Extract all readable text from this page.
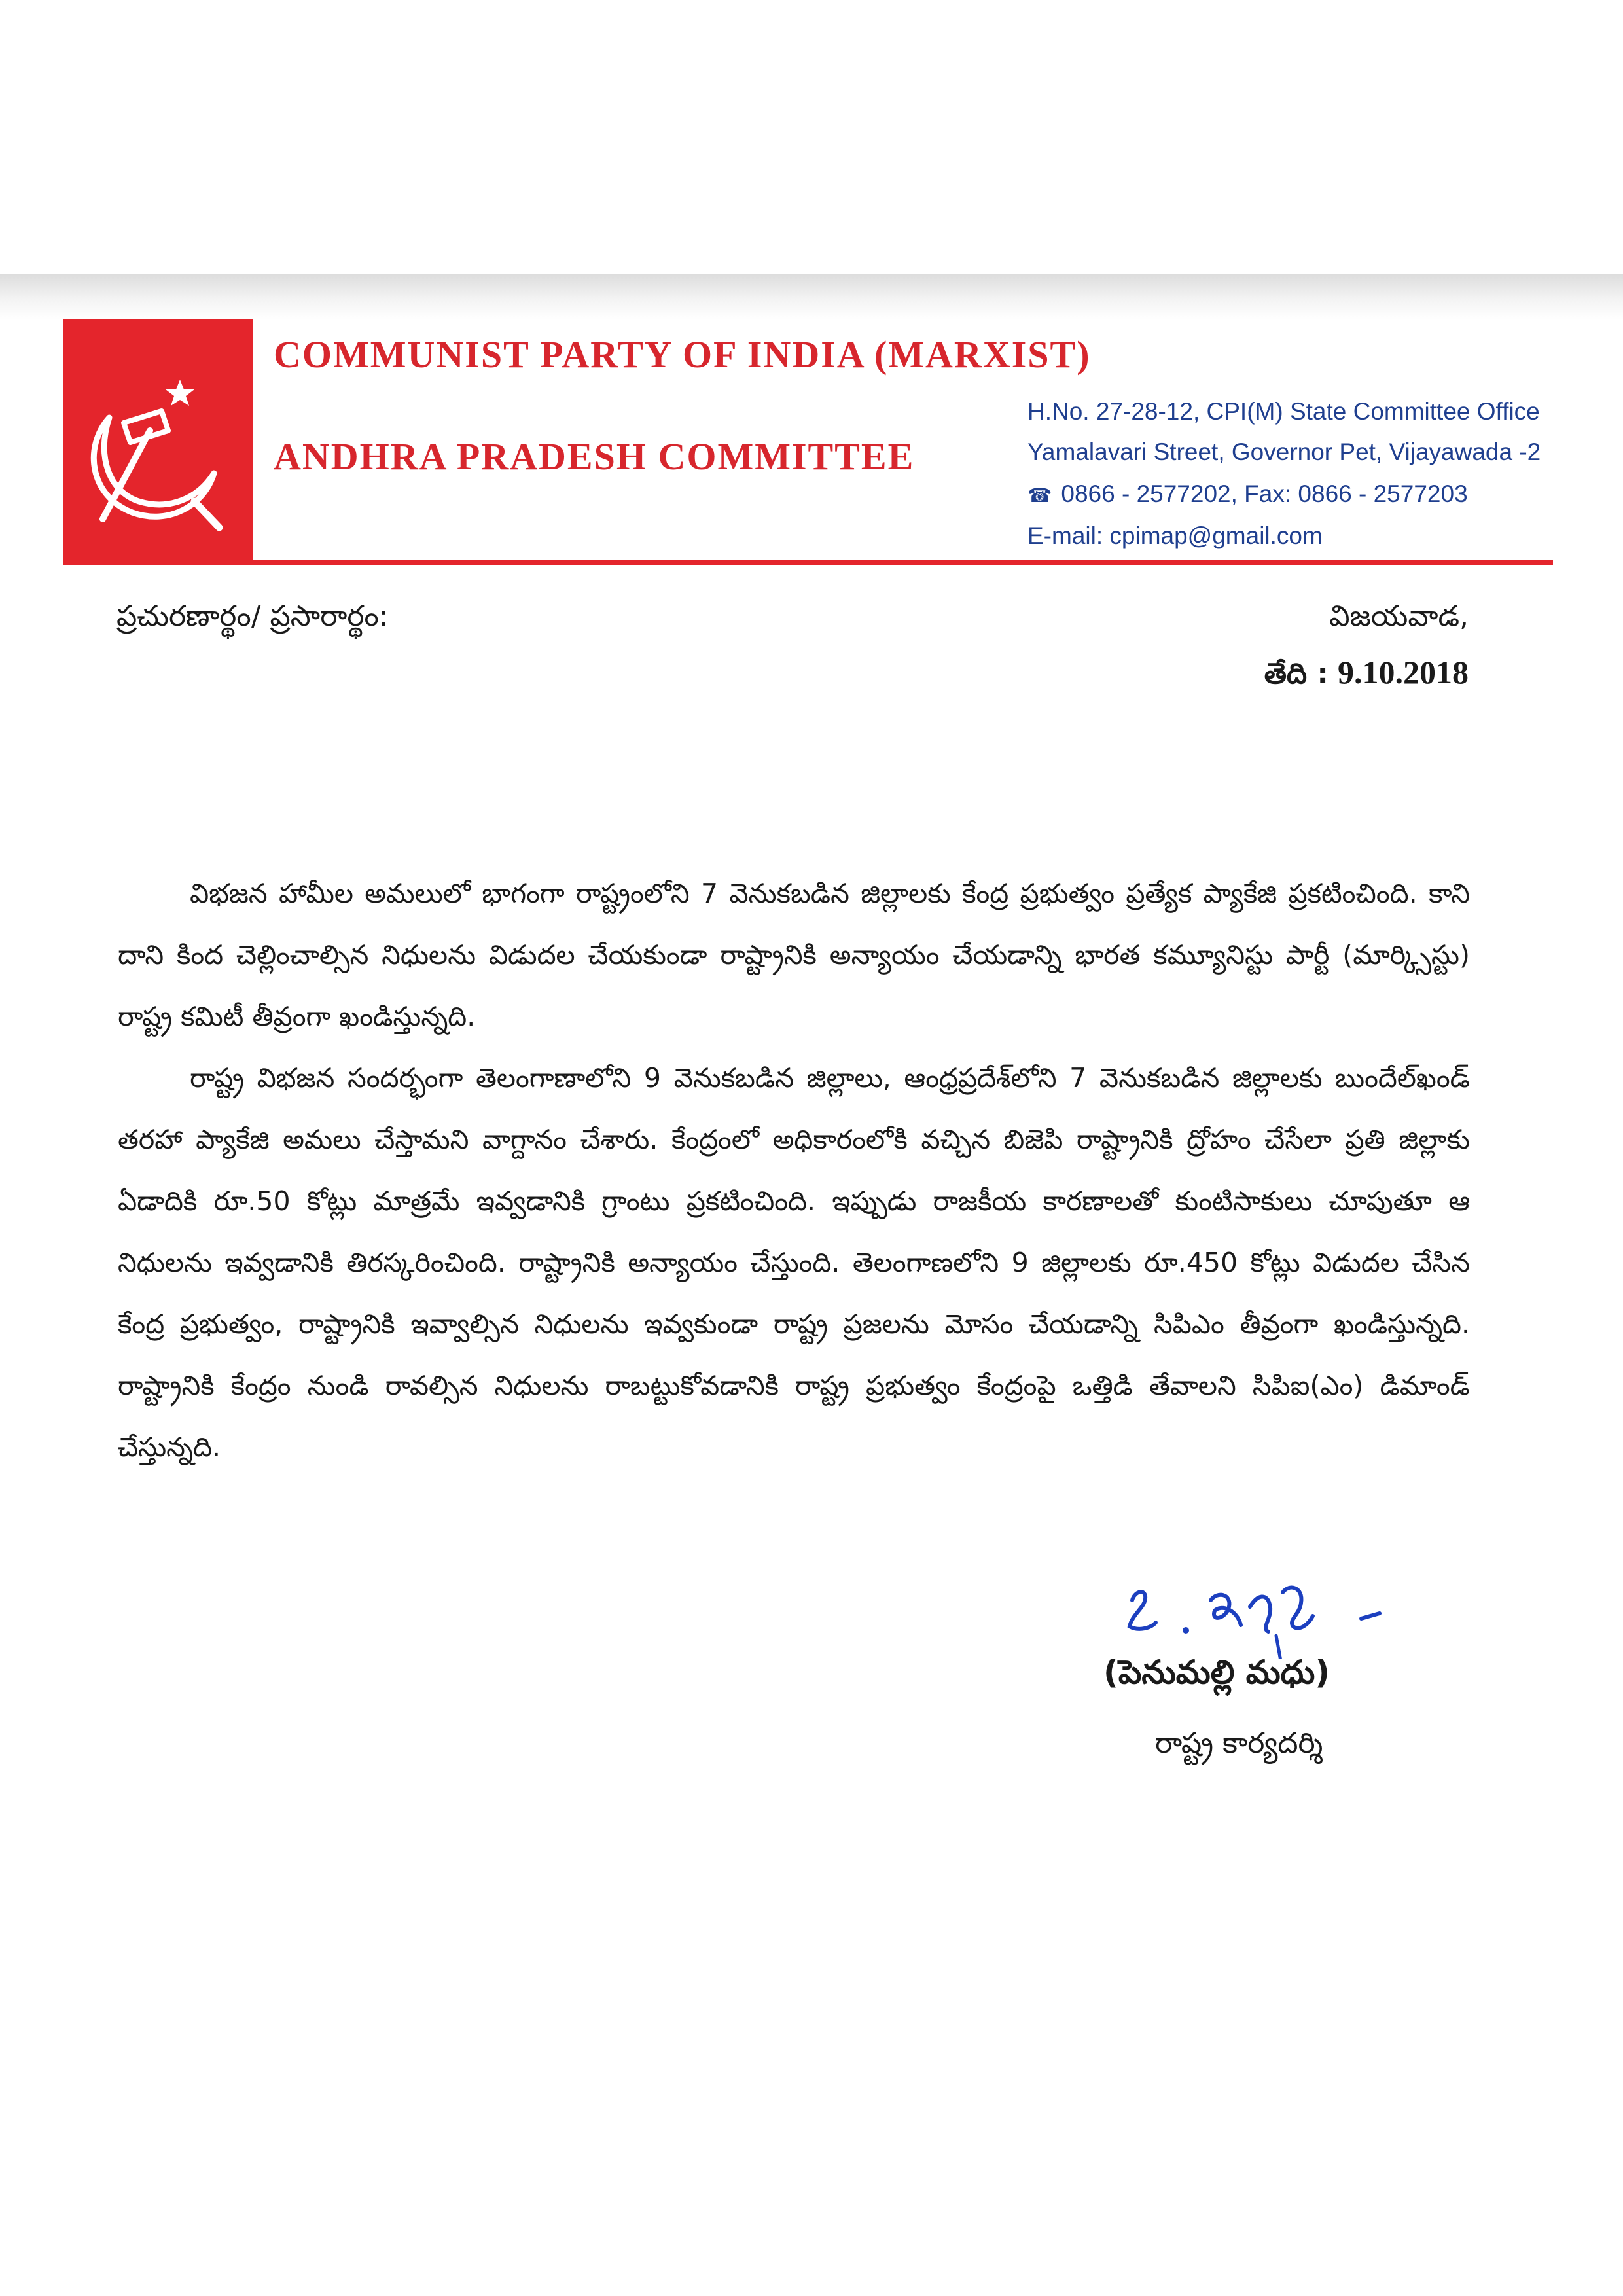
COMMUNIST PARTY OF INDIA (MARXIST)
ANDHRA PRADESH COMMITTEE
H.No. 27-28-12, CPI(M) State Committee Office
Yamalavari Street, Governor Pet, Vijayawada -2
☎ 0866 - 2577202, Fax: 0866 - 2577203
E-mail: cpimap@gmail.com
ప్రచురణార్థం/ ప్రసారార్థం:	విజయవాడ,
తేది : 9.10.2018

విభజన హామీల అమలులో భాగంగా రాష్ట్రంలోని 7 వెనుకబడిన జిల్లాలకు కేంద్ర ప్రభుత్వం ప్రత్యేక ప్యాకేజి ప్రకటించింది. కాని దాని కింద చెల్లించాల్సిన నిధులను విడుదల చేయకుండా రాష్ట్రానికి అన్యాయం చేయడాన్ని భారత కమ్యూనిస్టు పార్టీ (మార్క్సిస్టు) రాష్ట్ర కమిటీ తీవ్రంగా ఖండిస్తున్నది.

రాష్ట్ర విభజన సందర్భంగా తెలంగాణాలోని 9 వెనుకబడిన జిల్లాలు, ఆంధ్రప్రదేశ్‌లోని 7 వెనుకబడిన జిల్లాలకు బుందేల్‌ఖండ్ తరహా ప్యాకేజి అమలు చేస్తామని వాగ్దానం చేశారు. కేంద్రంలో అధికారంలోకి వచ్చిన బిజెపి రాష్ట్రానికి ద్రోహం చేసేలా ప్రతి జిల్లాకు ఏడాదికి రూ.50 కోట్లు మాత్రమే ఇవ్వడానికి గ్రాంటు ప్రకటించింది. ఇప్పుడు రాజకీయ కారణాలతో కుంటిసాకులు చూపుతూ ఆ నిధులను ఇవ్వడానికి తిరస్కరించింది. రాష్ట్రానికి అన్యాయం చేస్తుంది. తెలంగాణలోని 9 జిల్లాలకు రూ.450 కోట్లు విడుదల చేసిన కేంద్ర ప్రభుత్వం, రాష్ట్రానికి ఇవ్వాల్సిన నిధులను ఇవ్వకుండా రాష్ట్ర ప్రజలను మోసం చేయడాన్ని సిపిఎం తీవ్రంగా ఖండిస్తున్నది. రాష్ట్రానికి కేంద్రం నుండి రావల్సిన నిధులను రాబట్టుకోవడానికి రాష్ట్ర ప్రభుత్వం కేంద్రంపై ఒత్తిడి తేవాలని సిపిఐ(ఎం) డిమాండ్ చేస్తున్నది.

(పెనుమల్లి మధు)
రాష్ట్ర కార్యదర్శి
